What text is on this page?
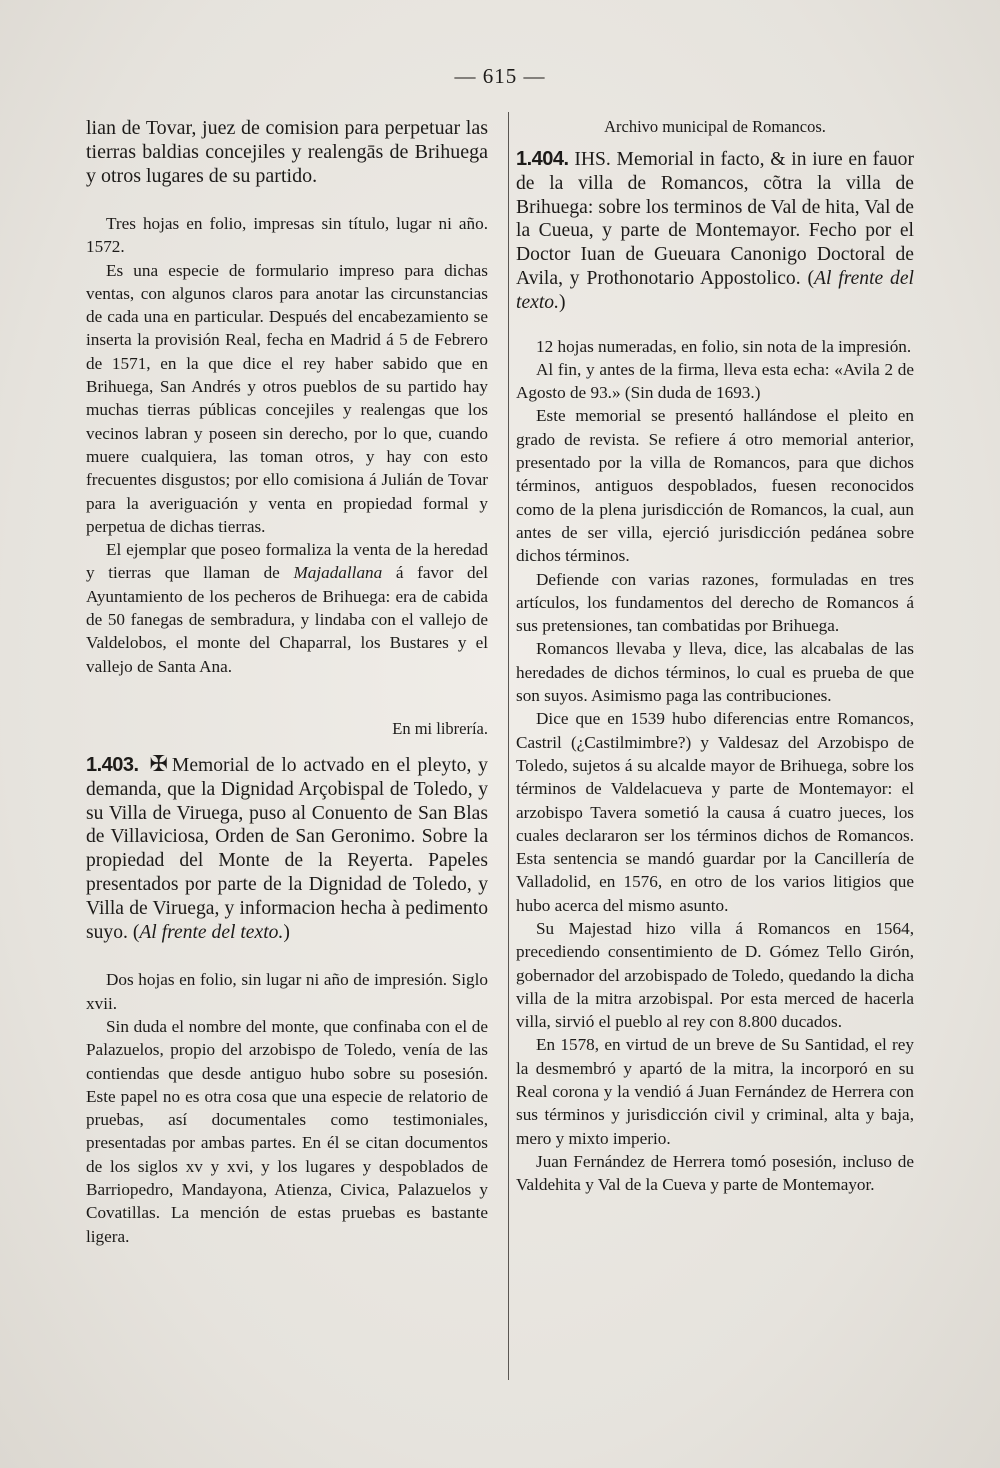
— 615 —

lian de Tovar, juez de comision para perpetuar las tierras baldias concejiles y realengās de Brihuega y otros lugares de su partido.

Tres hojas en folio, impresas sin título, lugar ni año. 1572.

Es una especie de formulario impreso para dichas ventas, con algunos claros para anotar las circunstancias de cada una en particular. Después del encabezamiento se inserta la provisión Real, fecha en Madrid á 5 de Febrero de 1571, en la que dice el rey haber sabido que en Brihuega, San Andrés y otros pueblos de su partido hay muchas tierras públicas concejiles y realengas que los vecinos labran y poseen sin derecho, por lo que, cuando muere cualquiera, las toman otros, y hay con esto frecuentes disgustos; por ello comisiona á Julián de Tovar para la averiguación y venta en propiedad formal y perpetua de dichas tierras.

El ejemplar que poseo formaliza la venta de la heredad y tierras que llaman de Majadallana á favor del Ayuntamiento de los pecheros de Brihuega: era de cabida de 50 fanegas de sembradura, y lindaba con el vallejo de Valdelobos, el monte del Chaparral, los Bustares y el vallejo de Santa Ana.

En mi librería.

1.403. ✠ Memorial de lo actvado en el pleyto, y demanda, que la Dignidad Arçobispal de Toledo, y su Villa de Viruega, puso al Conuento de San Blas de Villaviciosa, Orden de San Geronimo. Sobre la propiedad del Monte de la Reyerta. Papeles presentados por parte de la Dignidad de Toledo, y Villa de Viruega, y informacion hecha à pedimento suyo. (Al frente del texto.)

Dos hojas en folio, sin lugar ni año de impresión. Siglo xvii.

Sin duda el nombre del monte, que confinaba con el de Palazuelos, propio del arzobispo de Toledo, venía de las contiendas que desde antiguo hubo sobre su posesión. Este papel no es otra cosa que una especie de relatorio de pruebas, así documentales como testimoniales, presentadas por ambas partes. En él se citan documentos de los siglos xv y xvi, y los lugares y despoblados de Barriopedro, Mandayona, Atienza, Civica, Palazuelos y Covatillas. La mención de estas pruebas es bastante ligera.

Archivo municipal de Romancos.

1.404. IHS. Memorial in facto, & in iure en fauor de la villa de Romancos, cõtra la villa de Brihuega: sobre los terminos de Val de hita, Val de la Cueua, y parte de Montemayor. Fecho por el Doctor Iuan de Gueuara Canonigo Doctoral de Avila, y Prothonotario Appostolico. (Al frente del texto.)

12 hojas numeradas, en folio, sin nota de la impresión.

Al fin, y antes de la firma, lleva esta echa: «Avila 2 de Agosto de 93.» (Sin duda de 1693.)

Este memorial se presentó hallándose el pleito en grado de revista. Se refiere á otro memorial anterior, presentado por la villa de Romancos, para que dichos términos, antiguos despoblados, fuesen reconocidos como de la plena jurisdicción de Romancos, la cual, aun antes de ser villa, ejerció jurisdicción pedánea sobre dichos términos.

Defiende con varias razones, formuladas en tres artículos, los fundamentos del derecho de Romancos á sus pretensiones, tan combatidas por Brihuega.

Romancos llevaba y lleva, dice, las alcabalas de las heredades de dichos términos, lo cual es prueba de que son suyos. Asimismo paga las contribuciones.

Dice que en 1539 hubo diferencias entre Romancos, Castril (¿Castilmimbre?) y Valdesaz del Arzobispo de Toledo, sujetos á su alcalde mayor de Brihuega, sobre los términos de Valdelacueva y parte de Montemayor: el arzobispo Tavera sometió la causa á cuatro jueces, los cuales declararon ser los términos dichos de Romancos. Esta sentencia se mandó guardar por la Cancillería de Valladolid, en 1576, en otro de los varios litigios que hubo acerca del mismo asunto.

Su Majestad hizo villa á Romancos en 1564, precediendo consentimiento de D. Gómez Tello Girón, gobernador del arzobispado de Toledo, quedando la dicha villa de la mitra arzobispal. Por esta merced de hacerla villa, sirvió el pueblo al rey con 8.800 ducados.

En 1578, en virtud de un breve de Su Santidad, el rey la desmembró y apartó de la mitra, la incorporó en su Real corona y la vendió á Juan Fernández de Herrera con sus términos y jurisdicción civil y criminal, alta y baja, mero y mixto imperio.

Juan Fernández de Herrera tomó posesión, incluso de Valdehita y Val de la Cueva y parte de Montemayor.
